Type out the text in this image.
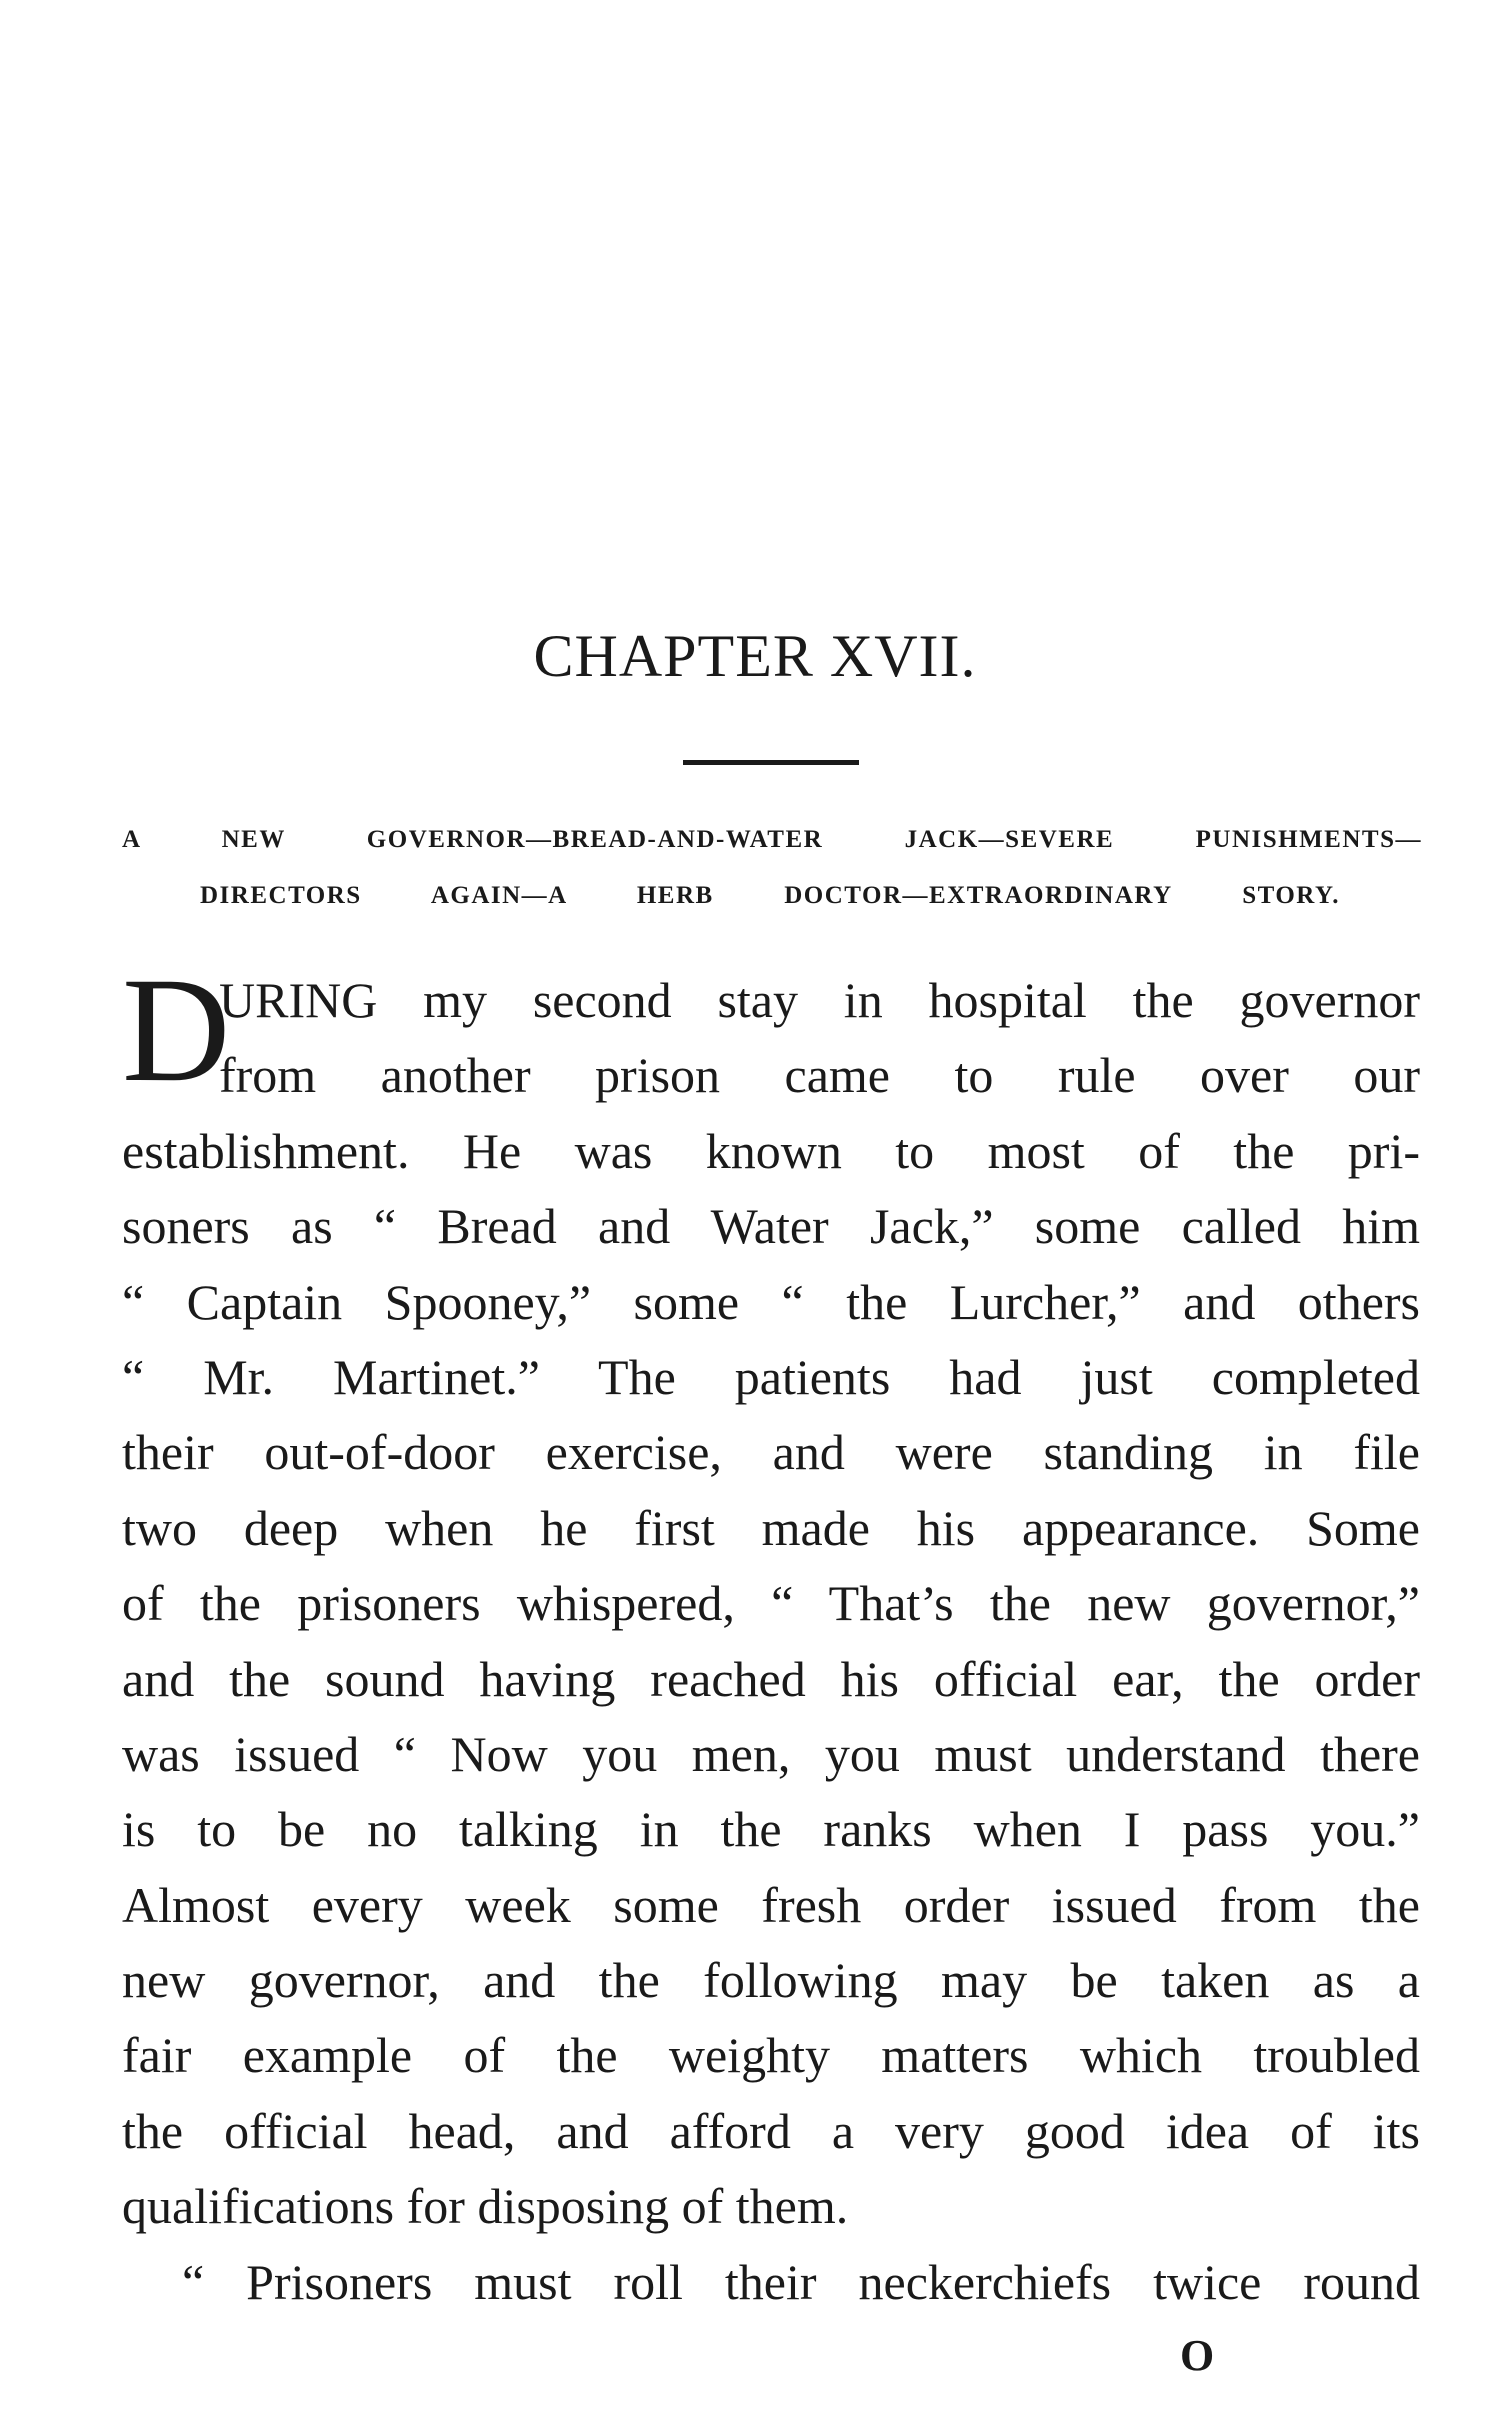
CHAPTER XVII.
A NEW GOVERNOR—BREAD-AND-WATER JACK—SEVERE PUNISHMENTS—
DIRECTORS AGAIN—A HERB DOCTOR—EXTRAORDINARY STORY.
D
URING my second stay in hospital the governor
from another prison came to rule over our
establishment. He was known to most of the pri-
soners as “ Bread and Water Jack,” some called him
“ Captain Spooney,” some “ the Lurcher,” and others
“ Mr. Martinet.” The patients had just completed
their out-of-door exercise, and were standing in file
two deep when he first made his appearance. Some
of the prisoners whispered, “ That’s the new governor,”
and the sound having reached his official ear, the order
was issued “ Now you men, you must understand there
is to be no talking in the ranks when I pass you.”
Almost every week some fresh order issued from the
new governor, and the following may be taken as a
fair example of the weighty matters which troubled
the official head, and afford a very good idea of its
qualifications for disposing of them.
“ Prisoners must roll their neckerchiefs twice round
O
